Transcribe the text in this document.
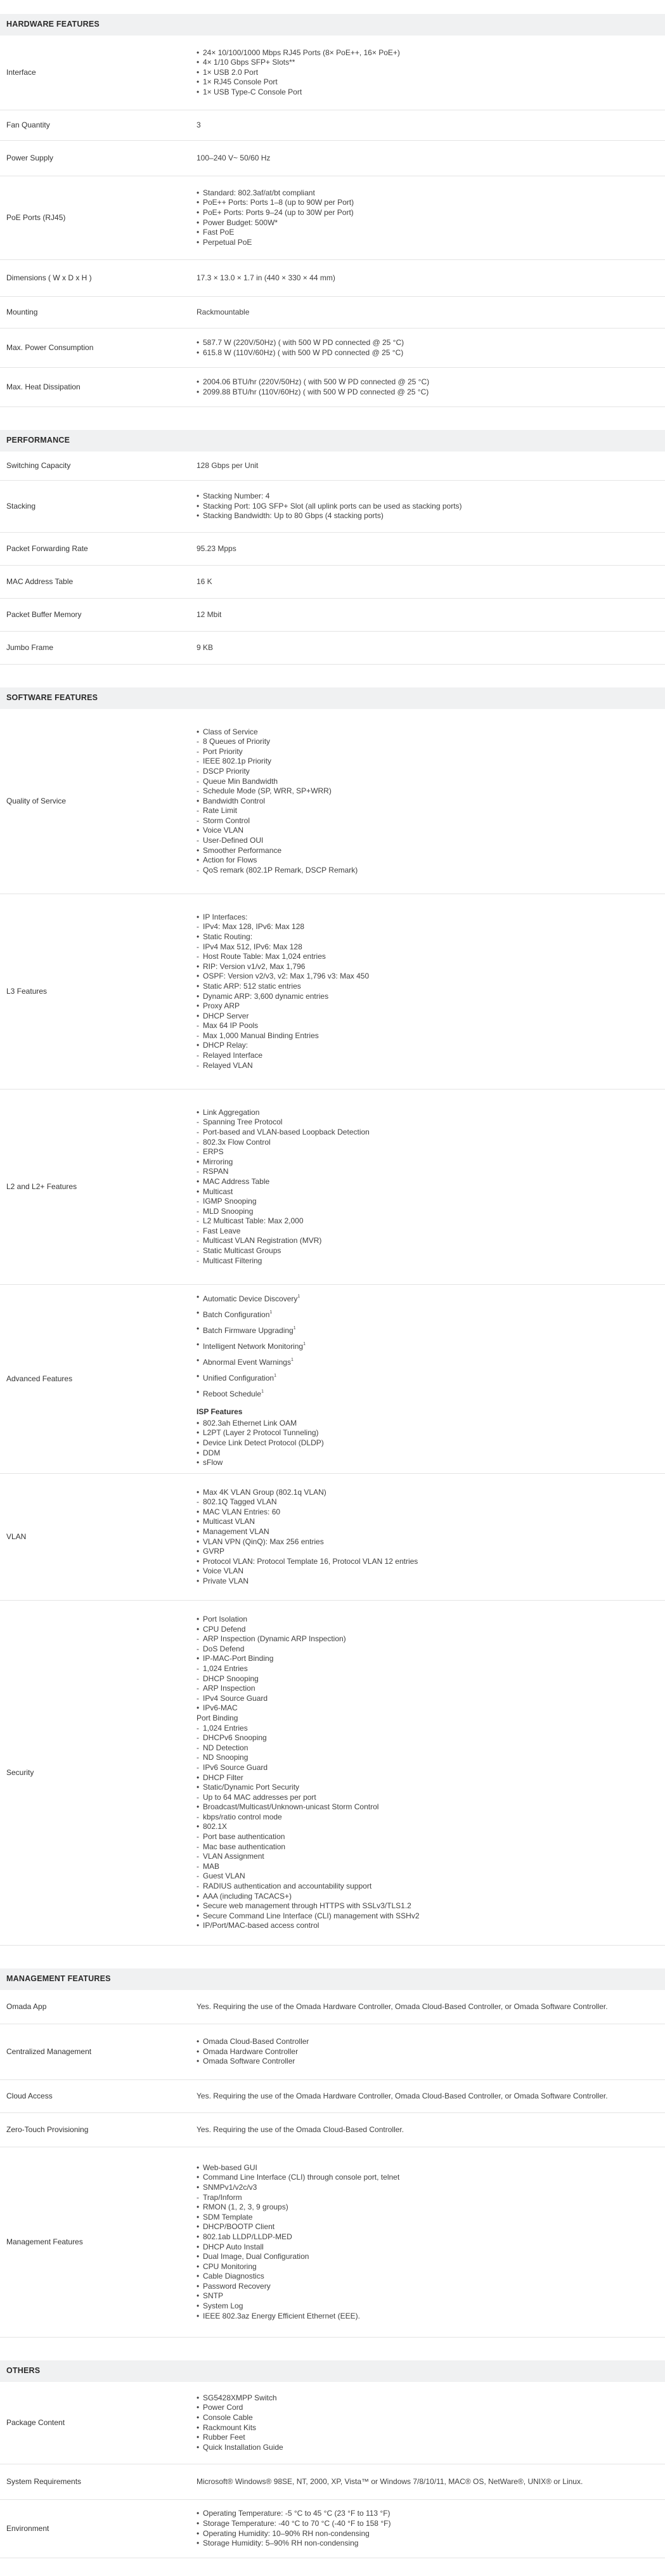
HARDWARE FEATURES
Interface
• 24× 10/100/1000 Mbps RJ45 Ports (8× PoE++, 16× PoE+)
• 4× 1/10 Gbps SFP+ Slots**
• 1× USB 2.0 Port
• 1× RJ45 Console Port
• 1× USB Type-C Console Port
Fan Quantity	3
Power Supply	100–240 V~ 50/60 Hz
PoE Ports (RJ45)
• Standard: 802.3af/at/bt compliant
• PoE++ Ports: Ports 1–8 (up to 90W per Port)
• PoE+ Ports: Ports 9–24 (up to 30W per Port)
• Power Budget: 500W*
• Fast PoE
• Perpetual PoE
Dimensions ( W x D x H )	17.3 × 13.0 × 1.7 in (440 × 330 × 44 mm)
Mounting	Rackmountable
Max. Power Consumption
• 587.7 W (220V/50Hz) ( with 500 W PD connected @ 25 °C)
• 615.8 W (110V/60Hz) ( with 500 W PD connected @ 25 °C)
Max. Heat Dissipation
• 2004.06 BTU/hr (220V/50Hz) ( with 500 W PD connected @ 25 °C)
• 2099.88 BTU/hr (110V/60Hz) ( with 500 W PD connected @ 25 °C)
PERFORMANCE
Switching Capacity	128 Gbps per Unit
Stacking
• Stacking Number: 4
• Stacking Port: 10G SFP+ Slot (all uplink ports can be used as stacking ports)
• Stacking Bandwidth: Up to 80 Gbps (4 stacking ports)
Packet Forwarding Rate	95.23 Mpps
MAC Address Table	16 K
Packet Buffer Memory	12 Mbit
Jumbo Frame	9 KB
SOFTWARE FEATURES
Quality of Service
• Class of Service
- 8 Queues of Priority
- Port Priority
- IEEE 802.1p Priority
- DSCP Priority
- Queue Min Bandwidth
- Schedule Mode (SP, WRR, SP+WRR)
• Bandwidth Control
- Rate Limit
- Storm Control
• Voice VLAN
- User-Defined OUI
• Smoother Performance
• Action for Flows
- QoS remark (802.1P Remark, DSCP Remark)
L3 Features
• IP Interfaces:
- IPv4: Max 128, IPv6: Max 128
• Static Routing:
- IPv4 Max 512, IPv6: Max 128
- Host Route Table: Max 1,024 entries
• RIP: Version v1/v2, Max 1,796
• OSPF: Version v2/v3, v2: Max 1,796 v3: Max 450
• Static ARP: 512 static entries
• Dynamic ARP: 3,600 dynamic entries
• Proxy ARP
• DHCP Server
- Max 64 IP Pools
- Max 1,000 Manual Binding Entries
• DHCP Relay:
- Relayed Interface
- Relayed VLAN
L2 and L2+ Features
• Link Aggregation
- Spanning Tree Protocol
- Port-based and VLAN-based Loopback Detection
- 802.3x Flow Control
- ERPS
• Mirroring
- RSPAN
• MAC Address Table
• Multicast
- IGMP Snooping
- MLD Snooping
- L2 Multicast Table: Max 2,000
- Fast Leave
- Multicast VLAN Registration (MVR)
- Static Multicast Groups
- Multicast Filtering
Advanced Features
• Automatic Device Discovery$^1$
• Batch Configuration$^1$
• Batch Firmware Upgrading$^1$
• Intelligent Network Monitoring$^1$
• Abnormal Event Warnings$^1$
• Unified Configuration$^1$
• Reboot Schedule$^1$
ISP Features
• 802.3ah Ethernet Link OAM
• L2PT (Layer 2 Protocol Tunneling)
• Device Link Detect Protocol (DLDP)
• DDM
• sFlow
VLAN
• Max 4K VLAN Group (802.1q VLAN)
- 802.1Q Tagged VLAN
• MAC VLAN Entries: 60
• Multicast VLAN
• Management VLAN
• VLAN VPN (QinQ): Max 256 entries
• GVRP
• Protocol VLAN: Protocol Template 16, Protocol VLAN 12 entries
• Voice VLAN
• Private VLAN
Security
• Port Isolation
• CPU Defend
- ARP Inspection (Dynamic ARP Inspection)
- DoS Defend
• IP-MAC-Port Binding
- 1,024 Entries
- DHCP Snooping
- ARP Inspection
- IPv4 Source Guard
• IPv6-MAC
Port Binding
- 1,024 Entries
- DHCPv6 Snooping
- ND Detection
- ND Snooping
- IPv6 Source Guard
• DHCP Filter
• Static/Dynamic Port Security
- Up to 64 MAC addresses per port
• Broadcast/Multicast/Unknown-unicast Storm Control
- kbps/ratio control mode
• 802.1X
- Port base authentication
- Mac base authentication
- VLAN Assignment
- MAB
- Guest VLAN
- RADIUS authentication and accountability support
• AAA (including TACACS+)
• Secure web management through HTTPS with SSLv3/TLS1.2
• Secure Command Line Interface (CLI) management with SSHv2
• IP/Port/MAC-based access control
MANAGEMENT FEATURES
Omada App	Yes. Requiring the use of the Omada Hardware Controller, Omada Cloud-Based Controller, or Omada Software Controller.
Centralized Management
• Omada Cloud-Based Controller
• Omada Hardware Controller
• Omada Software Controller
Cloud Access	Yes. Requiring the use of the Omada Hardware Controller, Omada Cloud-Based Controller, or Omada Software Controller.
Zero-Touch Provisioning	Yes. Requiring the use of the Omada Cloud-Based Controller.
Management Features
• Web-based GUI
• Command Line Interface (CLI) through console port, telnet
• SNMPv1/v2c/v3
- Trap/Inform
• RMON (1, 2, 3, 9 groups)
• SDM Template
• DHCP/BOOTP Client
• 802.1ab LLDP/LLDP-MED
• DHCP Auto Install
• Dual Image, Dual Configuration
• CPU Monitoring
• Cable Diagnostics
• Password Recovery
• SNTP
• System Log
• IEEE 802.3az Energy Efficient Ethernet (EEE).
OTHERS
Package Content
• SG5428XMPP Switch
• Power Cord
• Console Cable
• Rackmount Kits
• Rubber Feet
• Quick Installation Guide
System Requirements	Microsoft® Windows® 98SE, NT, 2000, XP, Vista™ or Windows 7/8/10/11, MAC® OS, NetWare®, UNIX® or Linux.
Environment
• Operating Temperature: -5 °C to 45 °C (23 °F to 113 °F)
• Storage Temperature: -40 °C to 70 °C (-40 °F to 158 °F)
• Operating Humidity: 10–90% RH non-condensing
• Storage Humidity: 5–90% RH non-condensing
